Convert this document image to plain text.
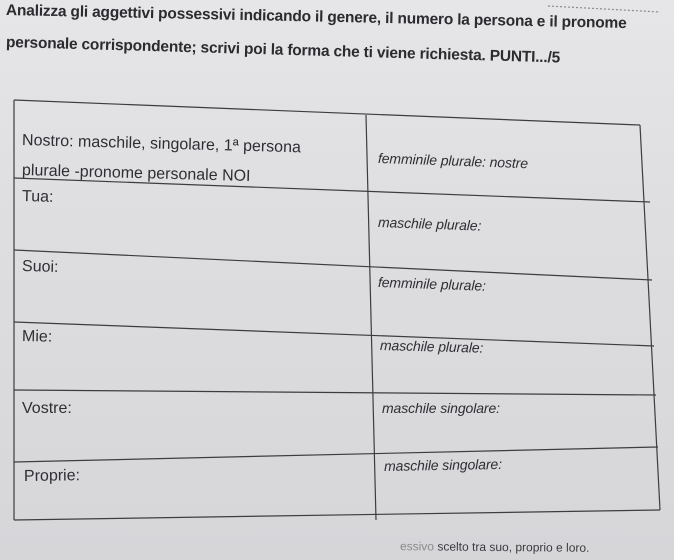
Analizza gli aggettivi possessivi indicando il genere, il numero la persona e il pronome
personale corrispondente; scrivi poi la forma che ti viene richiesta. PUNTI.../5
Nostro: maschile, singolare, 1ª persona
plurale -pronome personale NOI
femminile plurale: nostre
Tua:
maschile plurale:
Suoi:
femminile plurale:
Mie:
maschile plurale:
Vostre:	maschile singolare:
Proprie:
maschile singolare:
essivo scelto tra suo, proprio e loro.
